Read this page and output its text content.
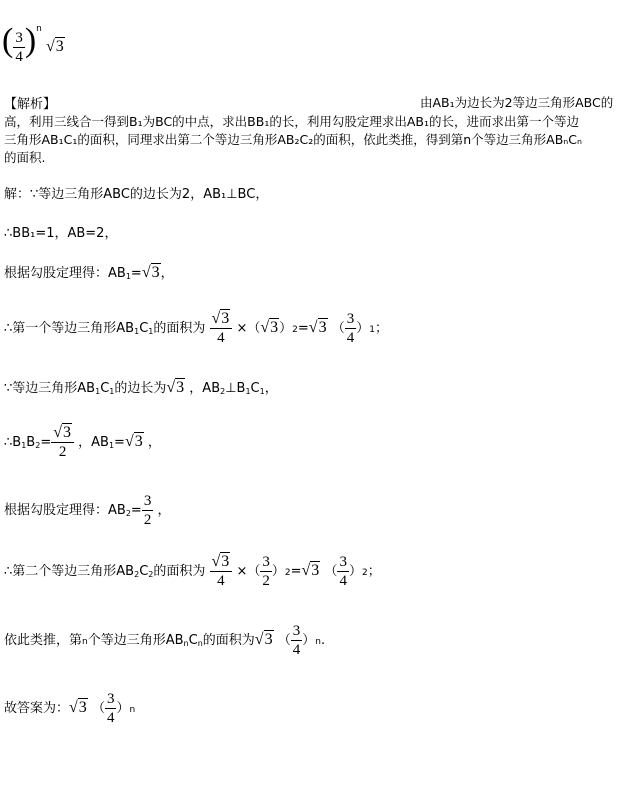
( $\frac{3}{4} )^n$ √3
【解析】	由AB₁为边长为2等边三角形ABC的
高，利用三线合一得到B₁为BC的中点，求出BB₁的长，利用勾股定理求出AB₁的长，进而求出第一个等边
三角形AB₁C₁的面积，同理求出第二个等边三角形AB₂C₂的面积，依此类推，得到第n个等边三角形ABₙCₙ
的面积.
解：∵等边三角形ABC的边长为2，AB₁⊥BC，
∴BB₁=1，AB=2，
根据勾股定理得：$AB_1=√3$，
∴第一个等边三角形$AB_1C_1$的面积为 $\frac{√3}{4} \times(√3)2=√3$ （ $\frac{3}{4} )1$；
∵等边三角形$AB_1C_1$的边长为√3 ，$AB_2\perp B_1C_1$，
$\therefore B_1B_2= \frac{√3}{2}$ ，$AB_1=√3$ ，
根据勾股定理得：$AB_2= \frac{3}{2}$ ，
∴第二个等边三角形$AB_2C_2$的面积为 $\frac{√3}{4}$ ×（ $\frac{3}{2} )2=√3$ （ $\frac{3}{4} )2$；
依此类推，第n个等边三角形$AB_nC_n$的面积为√3 （ $\frac{3}{4} )n$.
故答案为：√3 （ $\frac{3}{4} )n$
